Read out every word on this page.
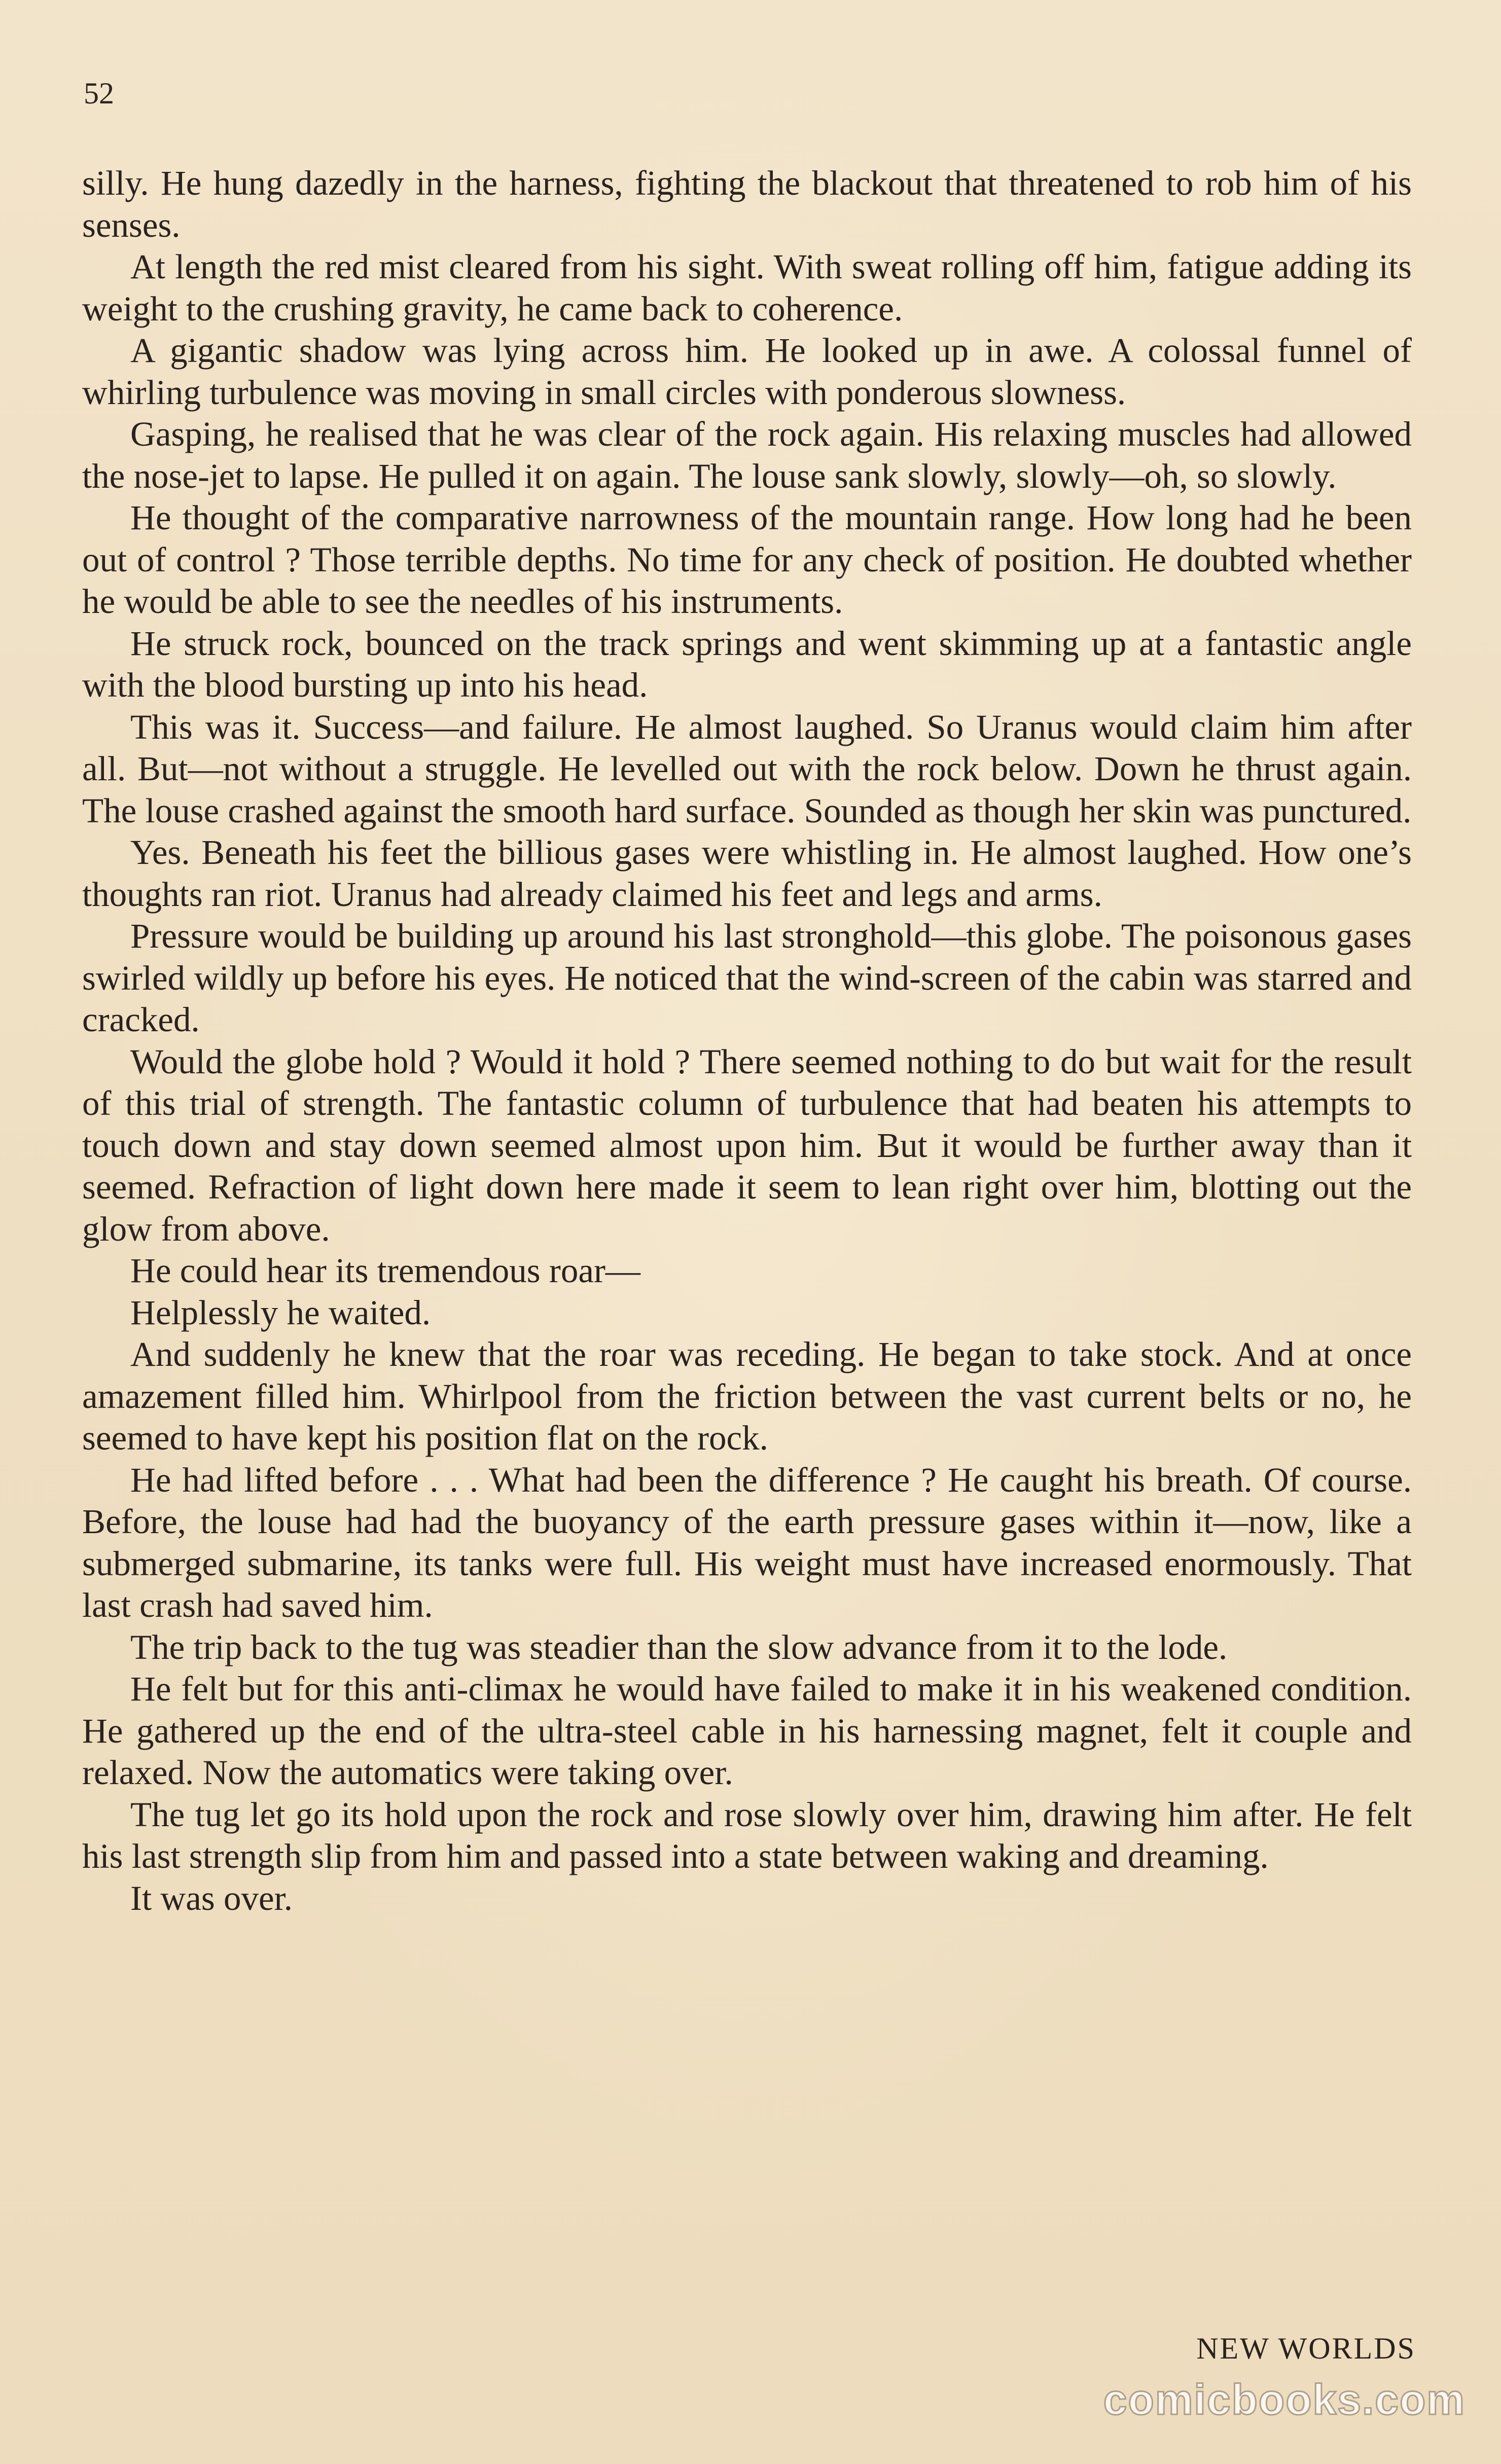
52

silly. He hung dazedly in the harness, fighting the blackout that threatened to rob him of his senses.

At length the red mist cleared from his sight. With sweat rolling off him, fatigue adding its weight to the crushing gravity, he came back to coherence.

A gigantic shadow was lying across him. He looked up in awe. A colossal funnel of whirling turbulence was moving in small circles with ponderous slowness.

Gasping, he realised that he was clear of the rock again. His relaxing muscles had allowed the nose-jet to lapse. He pulled it on again. The louse sank slowly, slowly—oh, so slowly.

He thought of the comparative narrowness of the mountain range. How long had he been out of control ? Those terrible depths. No time for any check of position. He doubted whether he would be able to see the needles of his instruments.

He struck rock, bounced on the track springs and went skimming up at a fantastic angle with the blood bursting up into his head.

This was it. Success—and failure. He almost laughed. So Uranus would claim him after all. But—not without a struggle. He levelled out with the rock below. Down he thrust again. The louse crashed against the smooth hard surface. Sounded as though her skin was punctured.

Yes. Beneath his feet the billious gases were whistling in. He almost laughed. How one’s thoughts ran riot. Uranus had already claimed his feet and legs and arms.

Pressure would be building up around his last stronghold—this globe. The poisonous gases swirled wildly up before his eyes. He noticed that the wind-screen of the cabin was starred and cracked.

Would the globe hold ? Would it hold ? There seemed nothing to do but wait for the result of this trial of strength. The fantastic column of turbulence that had beaten his attempts to touch down and stay down seemed almost upon him. But it would be further away than it seemed. Refraction of light down here made it seem to lean right over him, blotting out the glow from above.

He could hear its tremendous roar—

Helplessly he waited.

And suddenly he knew that the roar was receding. He began to take stock. And at once amazement filled him. Whirlpool from the friction between the vast current belts or no, he seemed to have kept his position flat on the rock.

He had lifted before . . . What had been the difference ? He caught his breath. Of course. Before, the louse had had the buoyancy of the earth pressure gases within it—now, like a submerged submarine, its tanks were full. His weight must have increased enormously. That last crash had saved him.

The trip back to the tug was steadier than the slow advance from it to the lode.

He felt but for this anti-climax he would have failed to make it in his weakened condition. He gathered up the end of the ultra-steel cable in his harnessing magnet, felt it couple and relaxed. Now the automatics were taking over.

The tug let go its hold upon the rock and rose slowly over him, drawing him after. He felt his last strength slip from him and passed into a state between waking and dreaming.

It was over.

NEW WORLDS
comicbooks.com
